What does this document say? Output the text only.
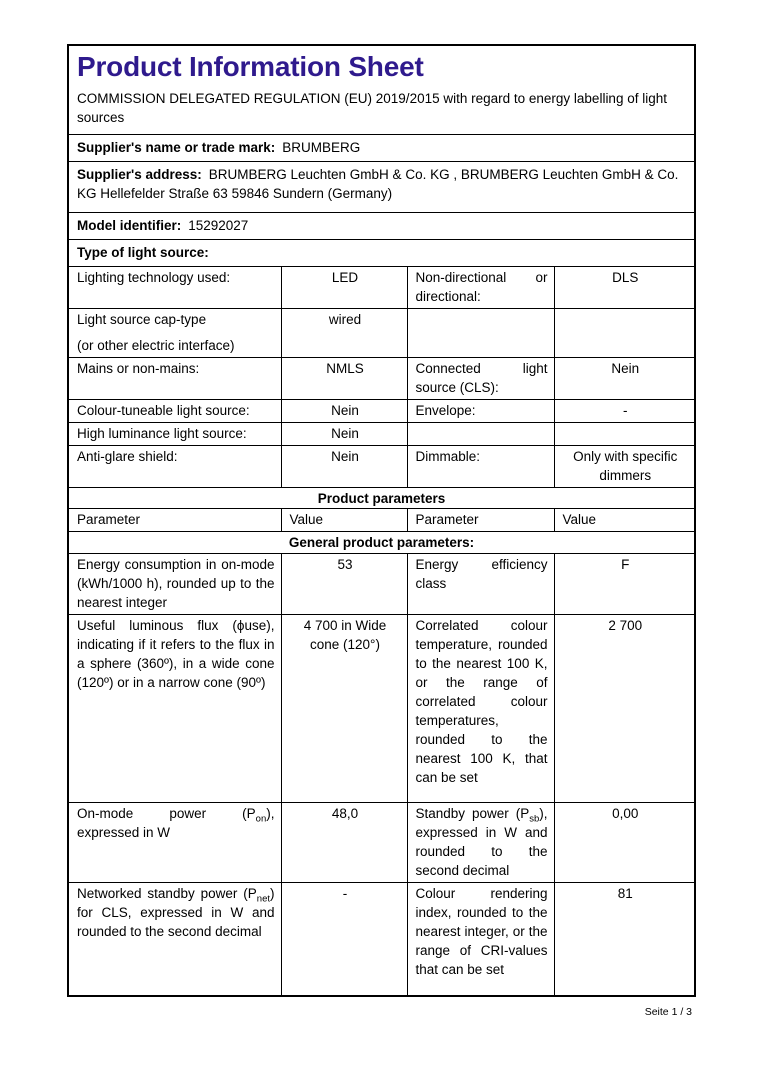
Product Information Sheet
COMMISSION DELEGATED REGULATION (EU) 2019/2015 with regard to energy labelling of light sources
Supplier's name or trade mark: BRUMBERG
Supplier's address: BRUMBERG Leuchten GmbH & Co. KG , BRUMBERG Leuchten GmbH & Co. KG Hellefelder Straße 63 59846 Sundern (Germany)
Model identifier: 15292027
Type of light source:
Lighting technology used:	LED	Non-directional or directional:	DLS

Light source cap-type
(or other electric interface)	wired		
Mains or non-mains:	NMLS	Connected light source (CLS):	Nein
Colour-tuneable light source:	Nein	Envelope:	-
High luminance light source:	Nein		
Anti-glare shield:	Nein	Dimmable:	Only with specific dimmers
Product parameters
Parameter	Value	Parameter	Value
General product parameters:
Energy consumption in on-mode (kWh/1000 h), rounded up to the nearest integer	53	Energy efficiency class	F
Useful luminous flux (ϕuse), indicating if it refers to the flux in a sphere (360º), in a wide cone (120º) or in a narrow cone (90º)	4 700 in Wide cone (120°)	Correlated colour temperature, rounded to the nearest 100 K, or the range of correlated colour temperatures, rounded to the nearest 100 K, that can be set	2 700
On-mode power $(P_{on})$, expressed in W	48,0	Standby power $(P_{sb})$, expressed in W and rounded to the second decimal	0,00
Networked standby power $(P_{net})$ for CLS, expressed in W and rounded to the second decimal	-	Colour rendering index, rounded to the nearest integer, or the range of CRI-values that can be set	81
Seite 1 / 3
